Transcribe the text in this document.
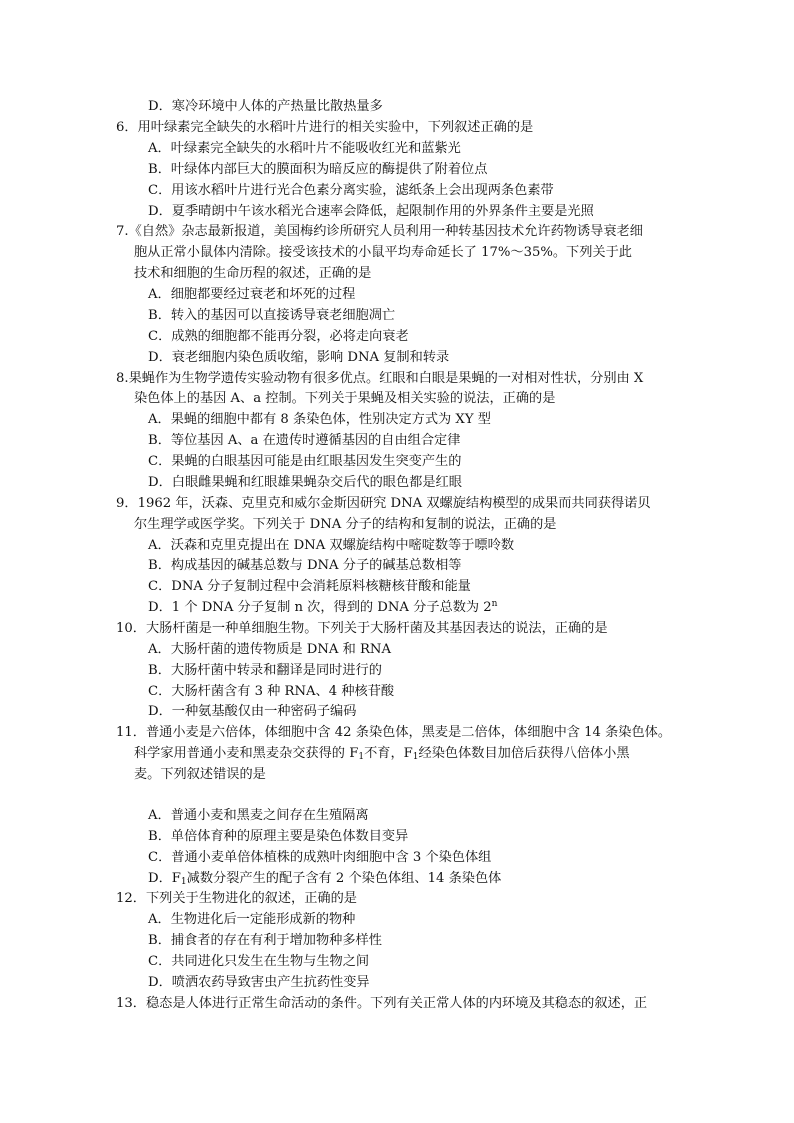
D．寒冷环境中人体的产热量比散热量多
6．用叶绿素完全缺失的水稻叶片进行的相关实验中，下列叙述正确的是
A．叶绿素完全缺失的水稻叶片不能吸收红光和蓝紫光
B．叶绿体内部巨大的膜面积为暗反应的酶提供了附着位点
C．用该水稻叶片进行光合色素分离实验，滤纸条上会出现两条色素带
D．夏季晴朗中午该水稻光合速率会降低，起限制作用的外界条件主要是光照
7.《自然》杂志最新报道，美国梅约诊所研究人员利用一种转基因技术允许药物诱导衰老细
胞从正常小鼠体内清除。接受该技术的小鼠平均寿命延长了 17%～35%。下列关于此
技术和细胞的生命历程的叙述，正确的是
A．细胞都要经过衰老和坏死的过程
B．转入的基因可以直接诱导衰老细胞凋亡
C．成熟的细胞都不能再分裂，必将走向衰老
D．衰老细胞内染色质收缩，影响 DNA 复制和转录
8.果蝇作为生物学遗传实验动物有很多优点。红眼和白眼是果蝇的一对相对性状，分别由 X
染色体上的基因 A、a 控制。下列关于果蝇及相关实验的说法，正确的是
A．果蝇的细胞中都有 8 条染色体，性别决定方式为 XY 型
B．等位基因 A、a 在遗传时遵循基因的自由组合定律
C．果蝇的白眼基因可能是由红眼基因发生突变产生的
D．白眼雌果蝇和红眼雄果蝇杂交后代的眼色都是红眼
9．1962 年，沃森、克里克和威尔金斯因研究 DNA 双螺旋结构模型的成果而共同获得诺贝
尔生理学或医学奖。下列关于 DNA 分子的结构和复制的说法，正确的是
A．沃森和克里克提出在 DNA 双螺旋结构中嘧啶数等于嘌呤数
B．构成基因的碱基总数与 DNA 分子的碱基总数相等
C．DNA 分子复制过程中会消耗原料核糖核苷酸和能量
D．1 个 DNA 分子复制 n 次，得到的 DNA 分子总数为 2$^n$
10．大肠杆菌是一种单细胞生物。下列关于大肠杆菌及其基因表达的说法，正确的是
A．大肠杆菌的遗传物质是 DNA 和 RNA
B．大肠杆菌中转录和翻译是同时进行的
C．大肠杆菌含有 3 种 RNA、4 种核苷酸
D．一种氨基酸仅由一种密码子编码
11．普通小麦是六倍体，体细胞中含 42 条染色体，黑麦是二倍体，体细胞中含 14 条染色体。
科学家用普通小麦和黑麦杂交获得的 $F_1$不育，$F_1$经染色体数目加倍后获得八倍体小黑
麦。下列叙述错误的是
A．普通小麦和黑麦之间存在生殖隔离
B．单倍体育种的原理主要是染色体数目变异
C．普通小麦单倍体植株的成熟叶肉细胞中含 3 个染色体组
D．$F_1$减数分裂产生的配子含有 2 个染色体组、14 条染色体
12．下列关于生物进化的叙述，正确的是
A．生物进化后一定能形成新的物种
B．捕食者的存在有利于增加物种多样性
C．共同进化只发生在生物与生物之间
D．喷洒农药导致害虫产生抗药性变异
13．稳态是人体进行正常生命活动的条件。下列有关正常人体的内环境及其稳态的叙述，正
